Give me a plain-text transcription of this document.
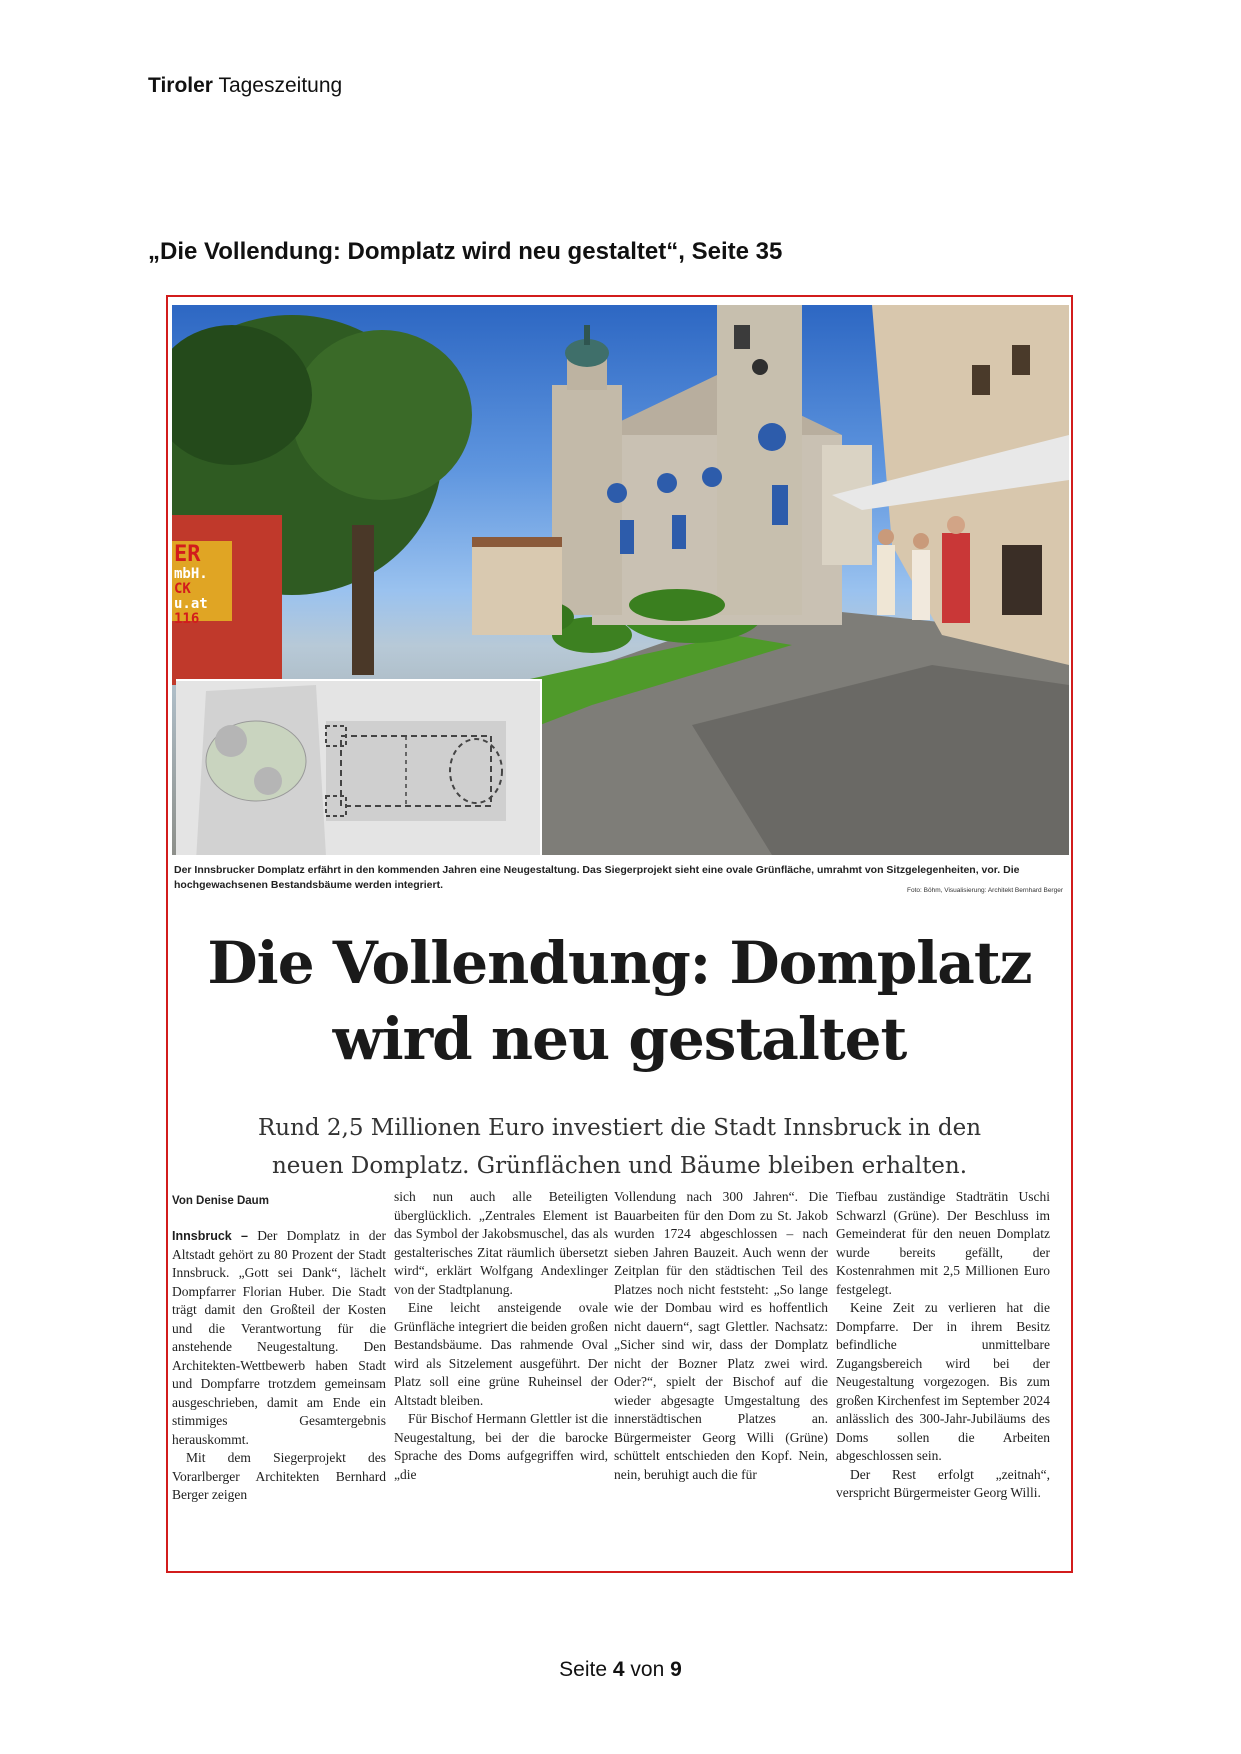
Tiroler Tageszeitung
„Die Vollendung: Domplatz wird neu gestaltet“, Seite 35
ER
mbH.
CK
u.at
116
Der Innsbrucker Domplatz erfährt in den kommenden Jahren eine Neugestaltung. Das Siegerprojekt sieht eine ovale Grünfläche, umrahmt von Sitzgelegenheiten, vor. Die hochgewachsenen Bestandsbäume werden integriert.	Foto: Böhm, Visualisierung: Architekt Bernhard Berger
Die Vollendung: Domplatz
wird neu gestaltet
Rund 2,5 Millionen Euro investiert die Stadt Innsbruck in den
neuen Domplatz. Grünflächen und Bäume bleiben erhalten.
Von Denise Daum

Innsbruck – Der Domplatz in der Altstadt gehört zu 80 Prozent der Stadt Innsbruck. „Gott sei Dank“, lächelt Dompfarrer Florian Huber. Die Stadt trägt damit den Großteil der Kosten und die Verantwortung für die anstehende Neugestaltung. Den Architekten-Wettbewerb haben Stadt und Dompfarre trotzdem gemeinsam ausgeschrieben, damit am Ende ein stimmiges Gesamtergebnis herauskommt.

Mit dem Siegerprojekt des Vorarlberger Architekten Bernhard Berger zeigen

sich nun auch alle Beteiligten überglücklich. „Zentrales Element ist das Symbol der Jakobsmuschel, das als gestalterisches Zitat räumlich übersetzt wird“, erklärt Wolfgang Andexlinger von der Stadtplanung.

Eine leicht ansteigende ovale Grünfläche integriert die beiden großen Bestandsbäume. Das rahmende Oval wird als Sitzelement ausgeführt. Der Platz soll eine grüne Ruheinsel der Altstadt bleiben.

Für Bischof Hermann Glettler ist die Neugestaltung, bei der die barocke Sprache des Doms aufgegriffen wird, „die

Vollendung nach 300 Jahren“. Die Bauarbeiten für den Dom zu St. Jakob wurden 1724 abgeschlossen – nach sieben Jahren Bauzeit. Auch wenn der Zeitplan für den städtischen Teil des Platzes noch nicht feststeht: „So lange wie der Dombau wird es hoffentlich nicht dauern“, sagt Glettler. Nachsatz: „Sicher sind wir, dass der Domplatz nicht der Bozner Platz zwei wird. Oder?“, spielt der Bischof auf die wieder abgesagte Umgestaltung des innerstädtischen Platzes an. Bürgermeister Georg Willi (Grüne) schüttelt entschieden den Kopf. Nein, nein, beruhigt auch die für

Tiefbau zuständige Stadträtin Uschi Schwarzl (Grüne). Der Beschluss im Gemeinderat für den neuen Domplatz wurde bereits gefällt, der Kostenrahmen mit 2,5 Millionen Euro festgelegt.

Keine Zeit zu verlieren hat die Dompfarre. Der in ihrem Besitz befindliche unmittelbare Zugangsbereich wird bei der Neugestaltung vorgezogen. Bis zum großen Kirchenfest im September 2024 anlässlich des 300-Jahr-Jubiläums des Doms sollen die Arbeiten abgeschlossen sein.

Der Rest erfolgt „zeitnah“, verspricht Bürgermeister Georg Willi.

Seite 4 von 9
